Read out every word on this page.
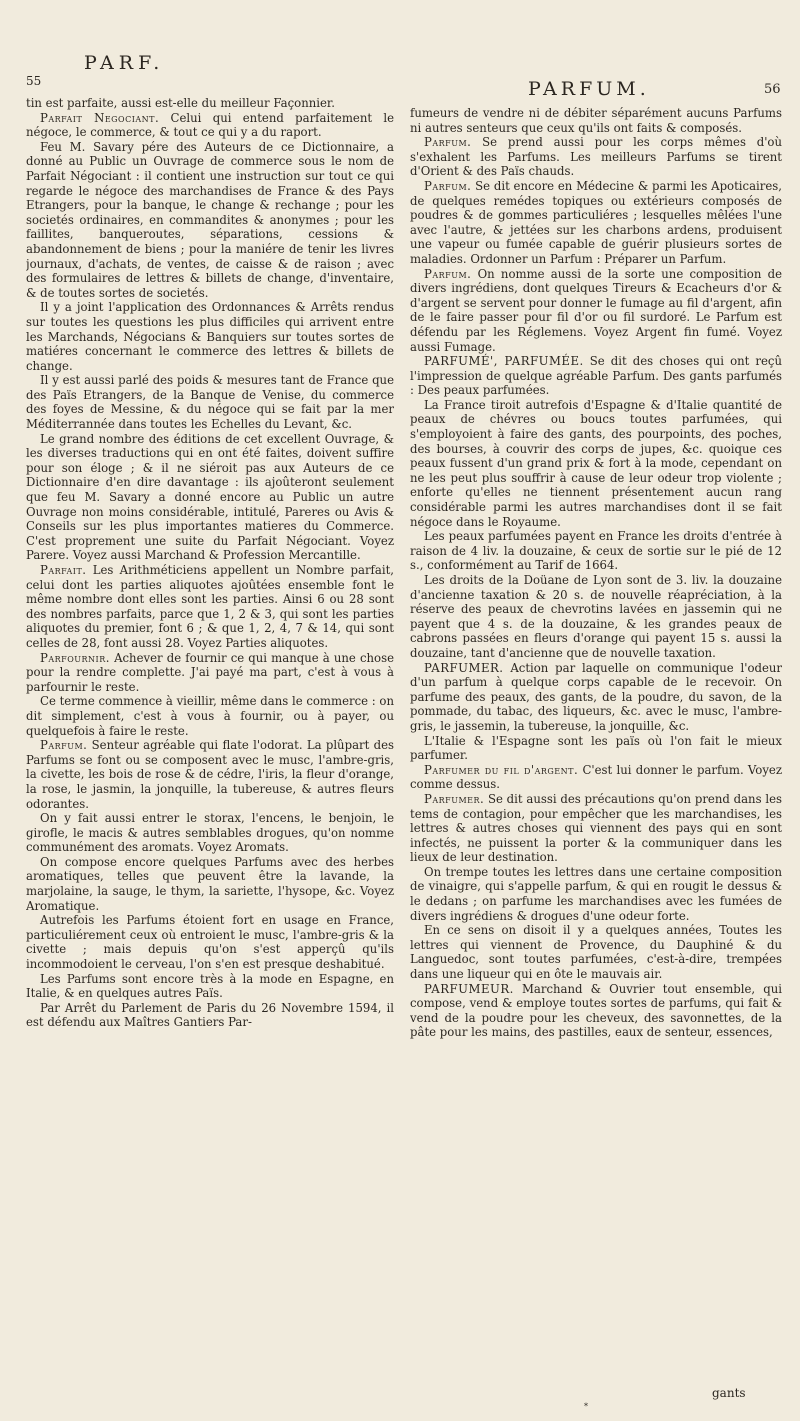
55
PARF.
PARFUM.	56

tin est parfaite, aussi est-elle du meilleur Façonnier.

Parfait Negociant. Celui qui entend parfaitement le négoce, le commerce, & tout ce qui y a du raport.

Feu M. Savary pére des Auteurs de ce Dictionnaire, a donné au Public un Ouvrage de commerce sous le nom de Parfait Négociant : il contient une instruction sur tout ce qui regarde le négoce des marchandises de France & des Pays Etrangers, pour la banque, le change & rechange ; pour les societés ordinaires, en commandites & anonymes ; pour les faillites, banqueroutes, séparations, cessions & abandonnement de biens ; pour la maniére de tenir les livres journaux, d'achats, de ventes, de caisse & de raison ; avec des formulaires de lettres & billets de change, d'inventaire, & de toutes sortes de societés.

Il y a joint l'application des Ordonnances & Arrêts rendus sur toutes les questions les plus difficiles qui arrivent entre les Marchands, Négocians & Banquiers sur toutes sortes de matiéres concernant le commerce des lettres & billets de change.

Il y est aussi parlé des poids & mesures tant de France que des Païs Etrangers, de la Banque de Venise, du commerce des foyes de Messine, & du négoce qui se fait par la mer Méditerrannée dans toutes les Echelles du Levant, &c.

Le grand nombre des éditions de cet excellent Ouvrage, & les diverses traductions qui en ont été faites, doivent suffire pour son éloge ; & il ne siéroit pas aux Auteurs de ce Dictionnaire d'en dire davantage : ils ajoûteront seulement que feu M. Savary a donné encore au Public un autre Ouvrage non moins considérable, intitulé, Pareres ou Avis & Conseils sur les plus importantes matieres du Commerce. C'est proprement une suite du Parfait Négociant. Voyez Parere. Voyez aussi Marchand & Profession Mercantille.

Parfait. Les Arithméticiens appellent un Nombre parfait, celui dont les parties aliquotes ajoûtées ensemble font le même nombre dont elles sont les parties. Ainsi 6 ou 28 sont des nombres parfaits, parce que 1, 2 & 3, qui sont les parties aliquotes du premier, font 6 ; & que 1, 2, 4, 7 & 14, qui sont celles de 28, font aussi 28. Voyez Parties aliquotes.

Parfournir. Achever de fournir ce qui manque à une chose pour la rendre complette. J'ai payé ma part, c'est à vous à parfournir le reste.

Ce terme commence à vieillir, même dans le commerce : on dit simplement, c'est à vous à fournir, ou à payer, ou quelquefois à faire le reste.

Parfum. Senteur agréable qui flate l'odorat. La plûpart des Parfums se font ou se composent avec le musc, l'ambre-gris, la civette, les bois de rose & de cédre, l'iris, la fleur d'orange, la rose, le jasmin, la jonquille, la tubereuse, & autres fleurs odorantes.

On y fait aussi entrer le storax, l'encens, le benjoin, le girofle, le macis & autres semblables drogues, qu'on nomme communément des aromats. Voyez Aromats.

On compose encore quelques Parfums avec des herbes aromatiques, telles que peuvent être la lavande, la marjolaine, la sauge, le thym, la sariette, l'hysope, &c. Voyez Aromatique.

Autrefois les Parfums étoient fort en usage en France, particuliérement ceux où entroient le musc, l'ambre-gris & la civette ; mais depuis qu'on s'est apperçû qu'ils incommodoient le cerveau, l'on s'en est presque deshabitué.

Les Parfums sont encore très à la mode en Espagne, en Italie, & en quelques autres Païs.

Par Arrêt du Parlement de Paris du 26 Novembre 1594, il est défendu aux Maîtres Gantiers Par-

fumeurs de vendre ni de débiter séparément aucuns Parfums ni autres senteurs que ceux qu'ils ont faits & composés.

Parfum. Se prend aussi pour les corps mêmes d'où s'exhalent les Parfums. Les meilleurs Parfums se tirent d'Orient & des Païs chauds.

Parfum. Se dit encore en Médecine & parmi les Apoticaires, de quelques remédes topiques ou extérieurs composés de poudres & de gommes particuliéres ; lesquelles mêlées l'une avec l'autre, & jettées sur les charbons ardens, produisent une vapeur ou fumée capable de guérir plusieurs sortes de maladies. Ordonner un Parfum : Préparer un Parfum.

Parfum. On nomme aussi de la sorte une composition de divers ingrédiens, dont quelques Tireurs & Ecacheurs d'or & d'argent se servent pour donner le fumage au fil d'argent, afin de le faire passer pour fil d'or ou fil surdoré. Le Parfum est défendu par les Réglemens. Voyez Argent fin fumé. Voyez aussi Fumage.

PARFUMÉ', PARFUMÉE. Se dit des choses qui ont reçû l'impression de quelque agréable Parfum. Des gants parfumés : Des peaux parfumées.

La France tiroit autrefois d'Espagne & d'Italie quantité de peaux de chévres ou boucs toutes parfumées, qui s'employoient à faire des gants, des pourpoints, des poches, des bourses, à couvrir des corps de jupes, &c. quoique ces peaux fussent d'un grand prix & fort à la mode, cependant on ne les peut plus souffrir à cause de leur odeur trop violente ; enforte qu'elles ne tiennent présentement aucun rang considérable parmi les autres marchandises dont il se fait négoce dans le Royaume.

Les peaux parfumées payent en France les droits d'entrée à raison de 4 liv. la douzaine, & ceux de sortie sur le pié de 12 s., conformément au Tarif de 1664.

Les droits de la Doüane de Lyon sont de 3. liv. la douzaine d'ancienne taxation & 20 s. de nouvelle réapréciation, à la réserve des peaux de chevrotins lavées en jassemin qui ne payent que 4 s. de la douzaine, & les grandes peaux de cabrons passées en fleurs d'orange qui payent 15 s. aussi la douzaine, tant d'ancienne que de nouvelle taxation.

PARFUMER. Action par laquelle on communique l'odeur d'un parfum à quelque corps capable de le recevoir. On parfume des peaux, des gants, de la poudre, du savon, de la pommade, du tabac, des liqueurs, &c. avec le musc, l'ambre-gris, le jassemin, la tubereuse, la jonquille, &c.

L'Italie & l'Espagne sont les païs où l'on fait le mieux parfumer.

Parfumer du fil d'argent. C'est lui donner le parfum. Voyez comme dessus.

Parfumer. Se dit aussi des précautions qu'on prend dans les tems de contagion, pour empêcher que les marchandises, les lettres & autres choses qui viennent des pays qui en sont infectés, ne puissent la porter & la communiquer dans les lieux de leur destination.

On trempe toutes les lettres dans une certaine composition de vinaigre, qui s'appelle parfum, & qui en rougit le dessus & le dedans ; on parfume les marchandises avec les fumées de divers ingrédiens & drogues d'une odeur forte.

En ce sens on disoit il y a quelques années, Toutes les lettres qui viennent de Provence, du Dauphiné & du Languedoc, sont toutes parfumées, c'est-à-dire, trempées dans une liqueur qui en ôte le mauvais air.

PARFUMEUR. Marchand & Ouvrier tout ensemble, qui compose, vend & employe toutes sortes de parfums, qui fait & vend de la poudre pour les cheveux, des savonnettes, de la pâte pour les mains, des pastilles, eaux de senteur, essences,

gants
*
